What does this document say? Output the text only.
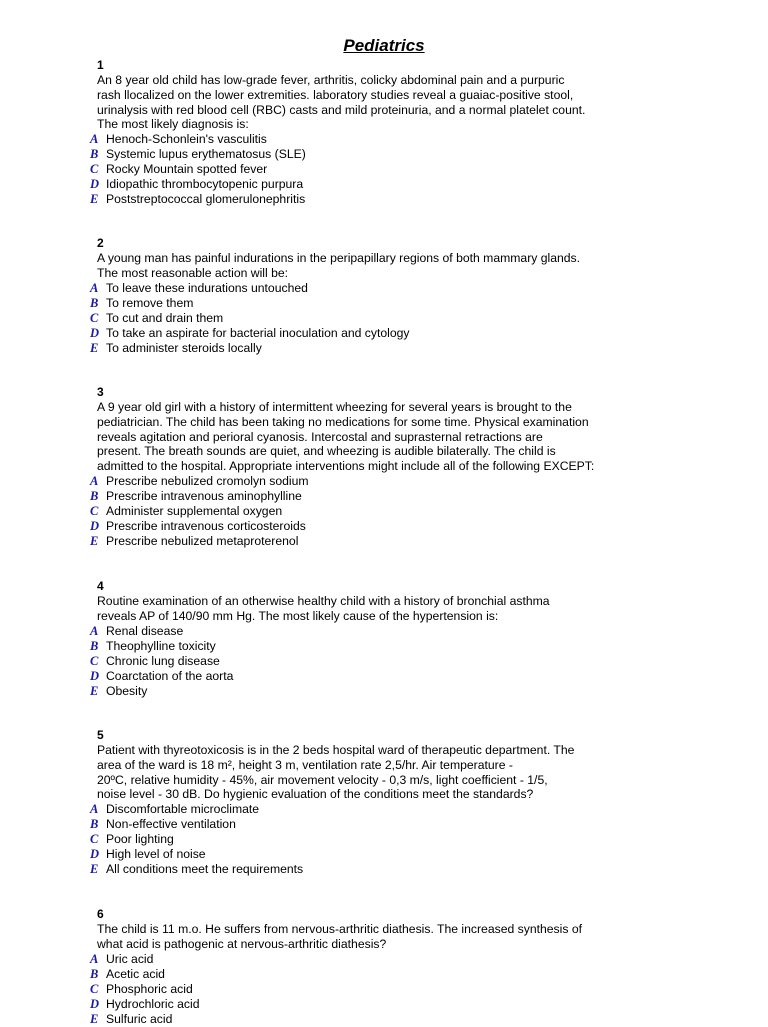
Pediatrics
1
An 8 year old child has low-grade fever, arthritis, colicky abdominal pain and a purpuric
rash llocalized on the lower extremities. laboratory studies reveal a guaiac-positive stool,
urinalysis with red blood cell (RBC) casts and mild proteinuria, and a normal platelet count.
The most likely diagnosis is:
A Henoch-Schonlein's vasculitis
B Systemic lupus erythematosus (SLE)
C Rocky Mountain spotted fever
D Idiopathic thrombocytopenic purpura
E Poststreptococcal glomerulonephritis
2
A young man has painful indurations in the peripapillary regions of both mammary glands.
The most reasonable action will be:
A To leave these indurations untouched
B To remove them
C To cut and drain them
D To take an aspirate for bacterial inoculation and cytology
E To administer steroids locally
3
A 9 year old girl with a history of intermittent wheezing for several years is brought to the
pediatrician. The child has been taking no medications for some time. Physical examination
reveals agitation and perioral cyanosis. Intercostal and suprasternal retractions are
present. The breath sounds are quiet, and wheezing is audible bilaterally. The child is
admitted to the hospital. Appropriate interventions might include all of the following EXCEPT:
A Prescribe nebulized cromolyn sodium
B Prescribe intravenous aminophylline
C Administer supplemental oxygen
D Prescribe intravenous corticosteroids
E Prescribe nebulized metaproterenol
4
Routine examination of an otherwise healthy child with a history of bronchial asthma
reveals AP of 140/90 mm Hg. The most likely cause of the hypertension is:
A Renal disease
B Theophylline toxicity
C Chronic lung disease
D Coarctation of the aorta
E Obesity
5
Patient with thyreotoxicosis is in the 2 beds hospital ward of therapeutic department. The
area of the ward is 18 m², height 3 m, ventilation rate 2,5/hr. Air temperature -
20ºC, relative humidity - 45%, air movement velocity - 0,3 m/s, light coefficient - 1/5,
noise level - 30 dB. Do hygienic evaluation of the conditions meet the standards?
A Discomfortable microclimate
B Non-effective ventilation
C Poor lighting
D High level of noise
E All conditions meet the requirements
6
The child is 11 m.o. He suffers from nervous-arthritic diathesis. The increased synthesis of
what acid is pathogenic at nervous-arthritic diathesis?
A Uric acid
B Acetic acid
C Phosphoric acid
D Hydrochloric acid
E Sulfuric acid
